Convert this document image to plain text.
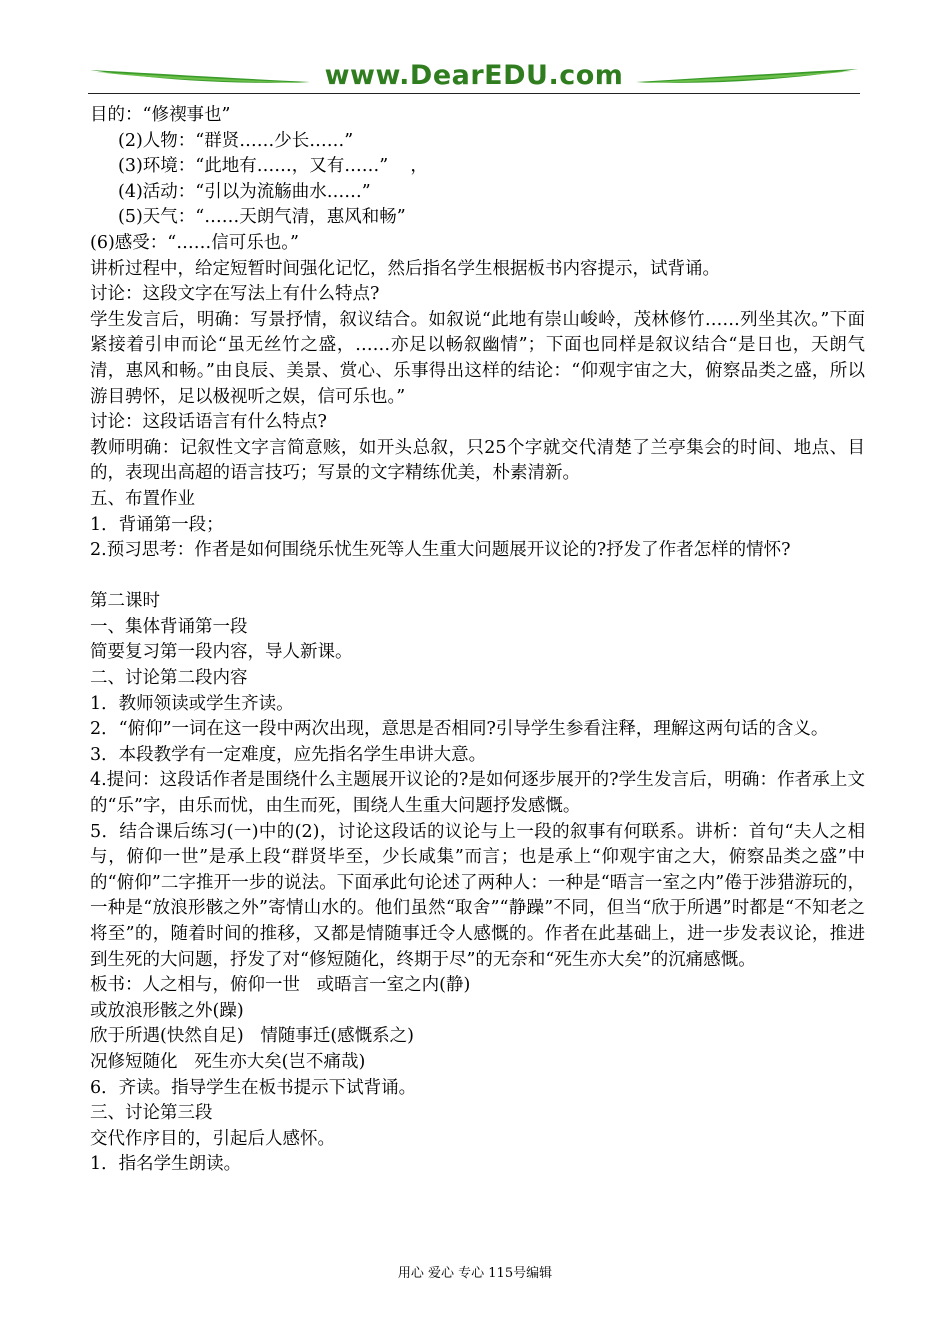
www.DearEDU.com
目的：“修禊事也”
(2)人物：“群贤……少长……”
(3)环境：“此地有……，又有……”    ，
(4)活动：“引以为流觞曲水……”
(5)天气：“……天朗气清，惠风和畅”
(6)感受：“……信可乐也。”
讲析过程中，给定短暂时间强化记忆，然后指名学生根据板书内容提示，试背诵。
讨论：这段文字在写法上有什么特点?
学生发言后，明确：写景抒情，叙议结合。如叙说“此地有崇山峻岭，茂林修竹……列坐其次。”下面紧接着引申而论“虽无丝竹之盛，……亦足以畅叙幽情”；下面也同样是叙议结合“是日也，天朗气清，惠风和畅。”由良辰、美景、赏心、乐事得出这样的结论：“仰观宇宙之大，俯察品类之盛，所以游目骋怀，足以极视听之娱，信可乐也。”
讨论：这段话语言有什么特点?
教师明确：记叙性文字言简意赅，如开头总叙，只25个字就交代清楚了兰亭集会的时间、地点、目的，表现出高超的语言技巧；写景的文字精练优美，朴素清新。
五、布置作业
1．背诵第一段；
2.预习思考：作者是如何围绕乐忧生死等人生重大问题展开议论的?抒发了作者怎样的情怀?
第二课时
一、集体背诵第一段
简要复习第一段内容，导人新课。
二、讨论第二段内容
1．教师领读或学生齐读。
2．“俯仰”一词在这一段中两次出现，意思是否相同?引导学生参看注释，理解这两句话的含义。
3．本段教学有一定难度，应先指名学生串讲大意。
4.提问：这段话作者是围绕什么主题展开议论的?是如何逐步展开的?学生发言后，明确：作者承上文的“乐”字，由乐而忧，由生而死，围绕人生重大问题抒发感慨。
5．结合课后练习(一)中的(2)，讨论这段话的议论与上一段的叙事有何联系。讲析：首句“夫人之相与，俯仰一世”是承上段“群贤毕至，少长咸集”而言；也是承上“仰观宇宙之大，俯察品类之盛”中的“俯仰”二字推开一步的说法。下面承此句论述了两种人：一种是“晤言一室之内”倦于涉猎游玩的，一种是“放浪形骸之外”寄情山水的。他们虽然“取舍”“静躁”不同，但当“欣于所遇”时都是“不知老之将至”的，随着时间的推移，又都是情随事迁令人感慨的。作者在此基础上，进一步发表议论，推进到生死的大问题，抒发了对“修短随化，终期于尽”的无奈和“死生亦大矣”的沉痛感慨。
板书：人之相与，俯仰一世   或晤言一室之内(静)
或放浪形骸之外(躁)
欣于所遇(快然自足)   情随事迁(感慨系之)
况修短随化   死生亦大矣(岂不痛哉)
6．齐读。指导学生在板书提示下试背诵。
三、讨论第三段
交代作序目的，引起后人感怀。
1．指名学生朗读。
用心 爱心 专心 115号编辑
